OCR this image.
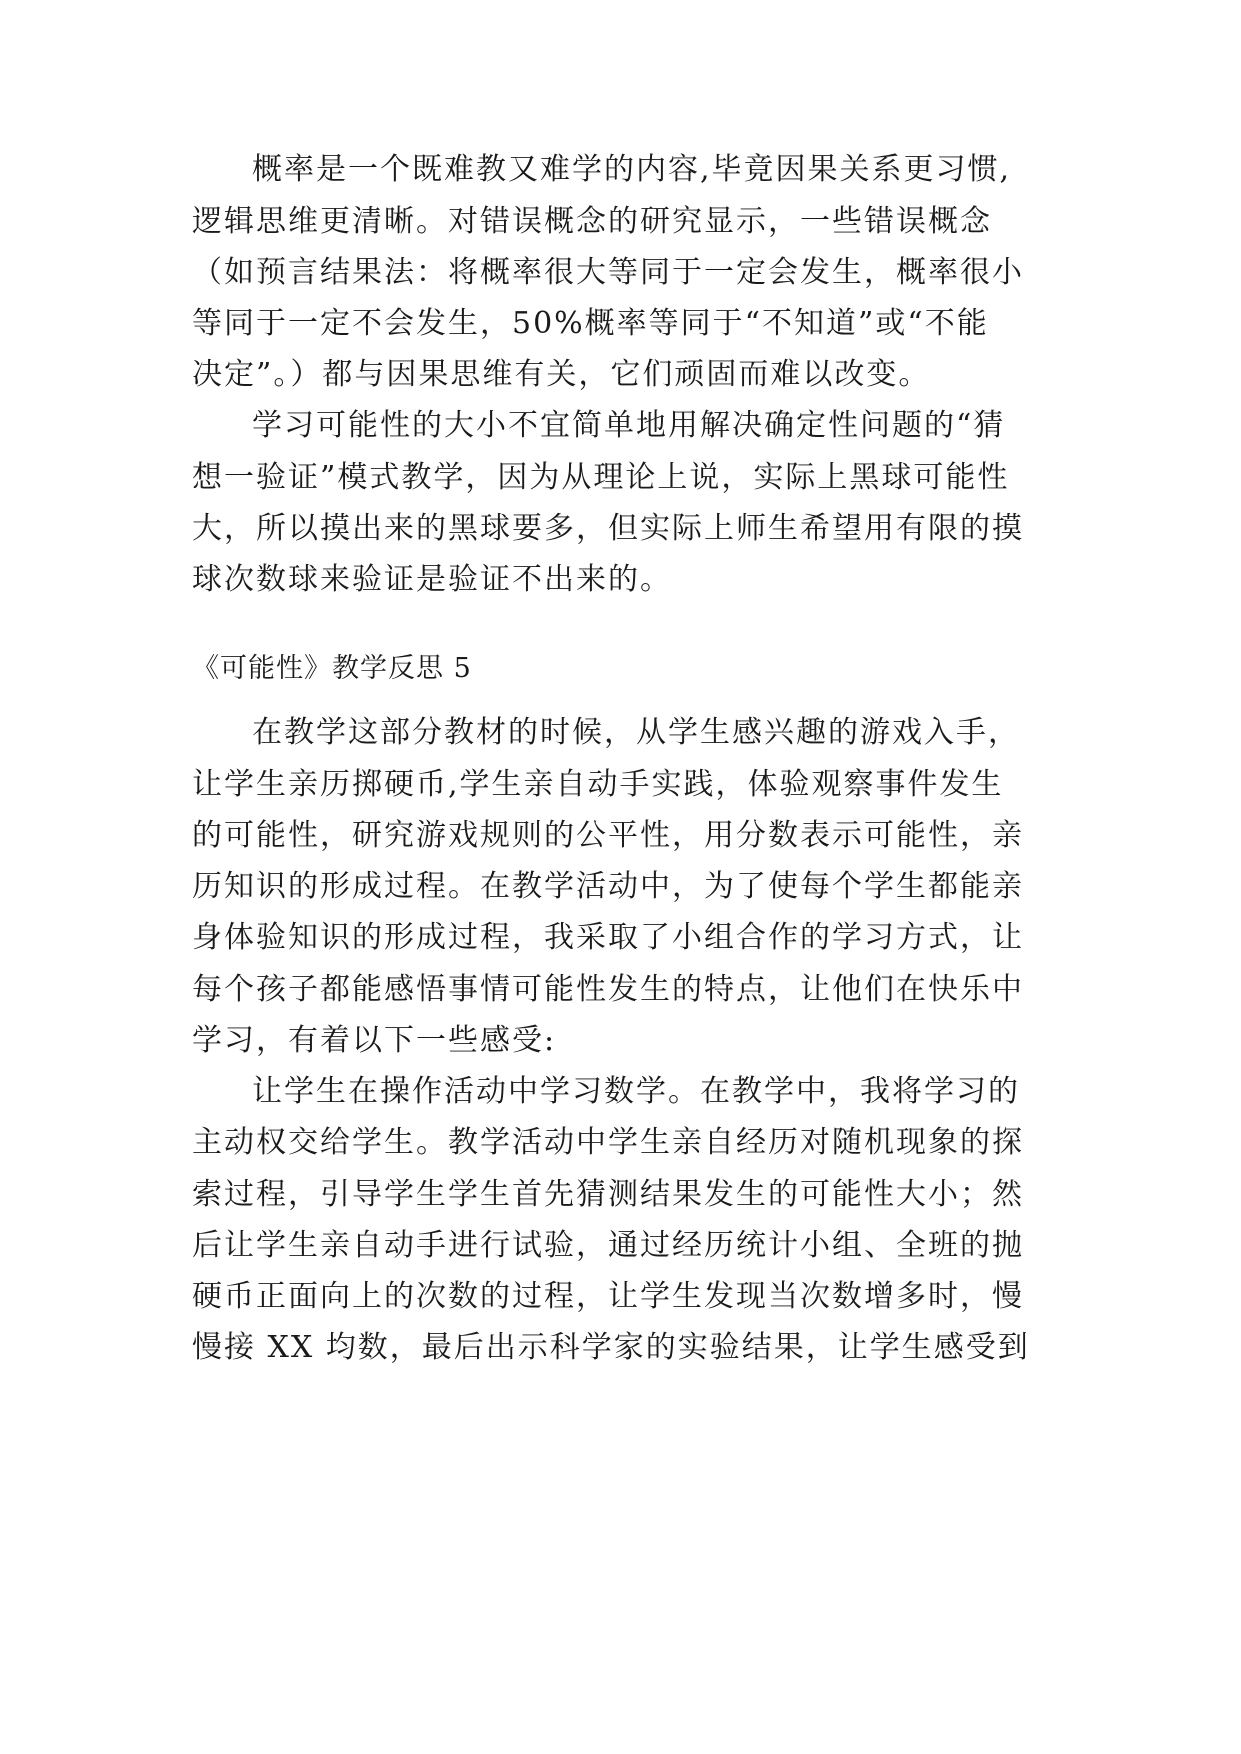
概率是一个既难教又难学的内容,毕竟因果关系更习惯,
逻辑思维更清晰。对错误概念的研究显示，一些错误概念
（如预言结果法：将概率很大等同于一定会发生，概率很小
等同于一定不会发生，50%概率等同于“不知道”或“不能
决定”。）都与因果思维有关，它们顽固而难以改变。
学习可能性的大小不宜简单地用解决确定性问题的“猜
想一验证”模式教学，因为从理论上说，实际上黑球可能性
大，所以摸出来的黑球要多，但实际上师生希望用有限的摸
球次数球来验证是验证不出来的。
《可能性》教学反思 5
在教学这部分教材的时候，从学生感兴趣的游戏入手，
让学生亲历掷硬币,学生亲自动手实践，体验观察事件发生
的可能性，研究游戏规则的公平性，用分数表示可能性，亲
历知识的形成过程。在教学活动中，为了使每个学生都能亲
身体验知识的形成过程，我采取了小组合作的学习方式，让
每个孩子都能感悟事情可能性发生的特点，让他们在快乐中
学习，有着以下一些感受:
让学生在操作活动中学习数学。在教学中，我将学习的
主动权交给学生。教学活动中学生亲自经历对随机现象的探
索过程，引导学生学生首先猜测结果发生的可能性大小；然
后让学生亲自动手进行试验，通过经历统计小组、全班的抛
硬币正面向上的次数的过程，让学生发现当次数增多时，慢
慢接 XX 均数，最后出示科学家的实验结果，让学生感受到
